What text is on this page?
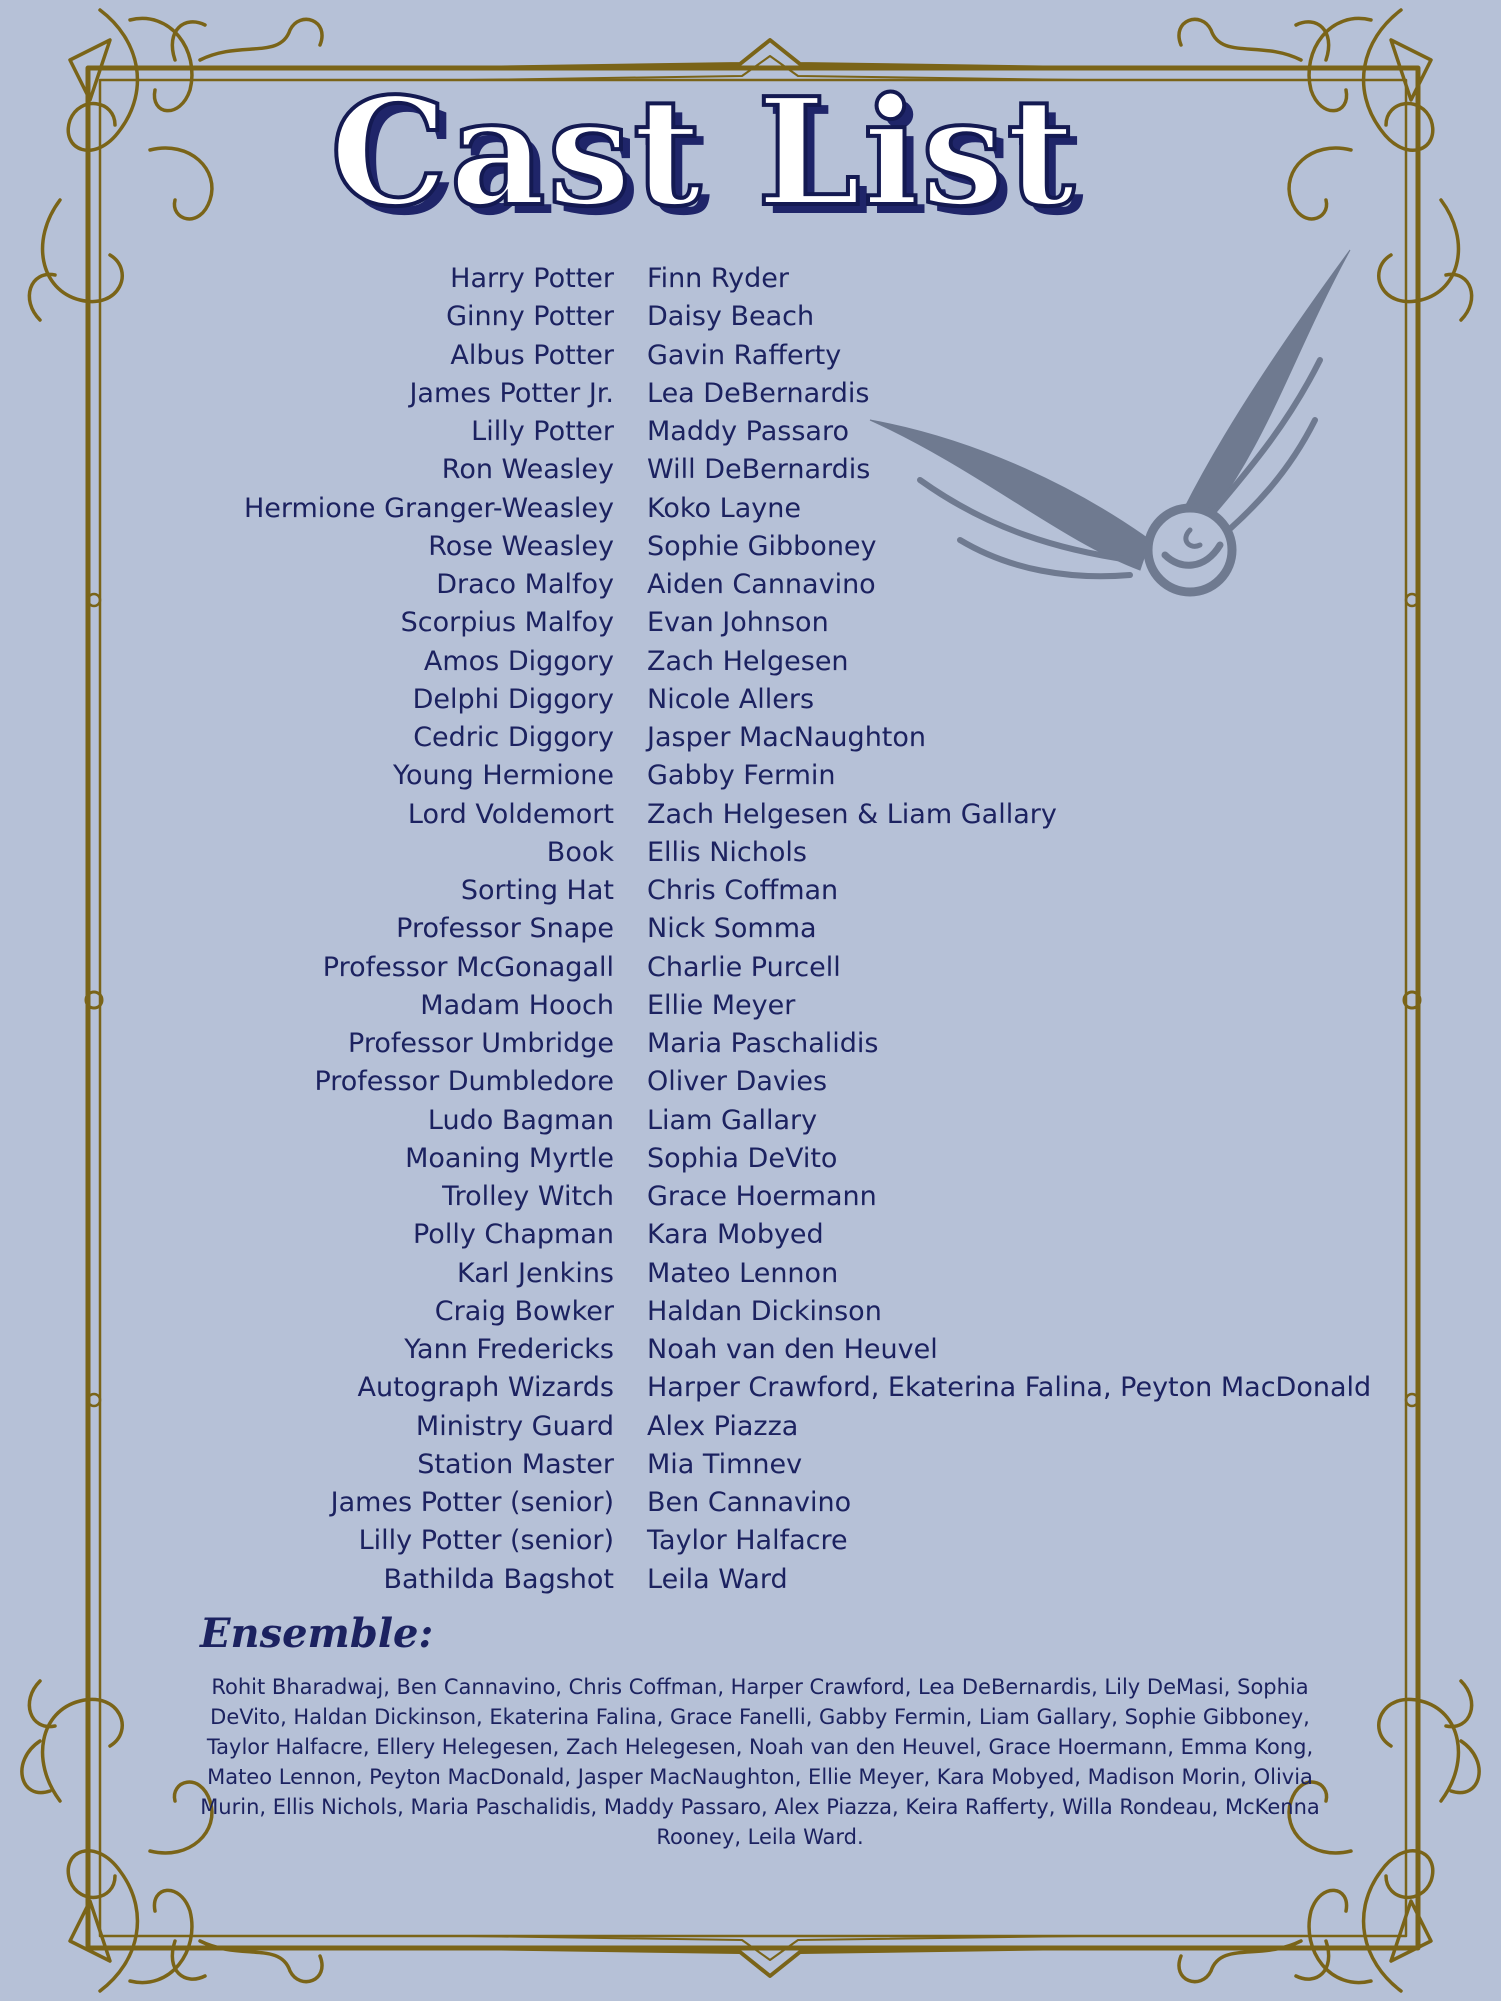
Cast List
Harry Potter Finn Ryder
Ginny Potter Daisy Beach
Albus Potter Gavin Rafferty
James Potter Jr. Lea DeBernardis
Lilly Potter Maddy Passaro
Ron Weasley Will DeBernardis
Hermione Granger-Weasley Koko Layne
Rose Weasley Sophie Gibboney
Draco Malfoy Aiden Cannavino
Scorpius Malfoy Evan Johnson
Amos Diggory Zach Helgesen
Delphi Diggory Nicole Allers
Cedric Diggory Jasper MacNaughton
Young Hermione Gabby Fermin
Lord Voldemort Zach Helgesen & Liam Gallary
Book Ellis Nichols
Sorting Hat Chris Coffman
Professor Snape Nick Somma
Professor McGonagall Charlie Purcell
Madam Hooch Ellie Meyer
Professor Umbridge Maria Paschalidis
Professor Dumbledore Oliver Davies
Ludo Bagman Liam Gallary
Moaning Myrtle Sophia DeVito
Trolley Witch Grace Hoermann
Polly Chapman Kara Mobyed
Karl Jenkins Mateo Lennon
Craig Bowker Haldan Dickinson
Yann Fredericks Noah van den Heuvel
Autograph Wizards Harper Crawford, Ekaterina Falina, Peyton MacDonald
Ministry Guard Alex Piazza
Station Master Mia Timnev
James Potter (senior) Ben Cannavino
Lilly Potter (senior) Taylor Halfacre
Bathilda Bagshot Leila Ward
Ensemble:
Rohit Bharadwaj, Ben Cannavino, Chris Coffman, Harper Crawford, Lea DeBernardis, Lily DeMasi, Sophia DeVito, Haldan Dickinson, Ekaterina Falina, Grace Fanelli, Gabby Fermin, Liam Gallary, Sophie Gibboney, Taylor Halfacre, Ellery Helegesen, Zach Helegesen, Noah van den Heuvel, Grace Hoermann, Emma Kong, Mateo Lennon, Peyton MacDonald, Jasper MacNaughton, Ellie Meyer, Kara Mobyed, Madison Morin, Olivia Murin, Ellis Nichols, Maria Paschalidis, Maddy Passaro, Alex Piazza, Keira Rafferty, Willa Rondeau, McKenna Rooney, Leila Ward.
